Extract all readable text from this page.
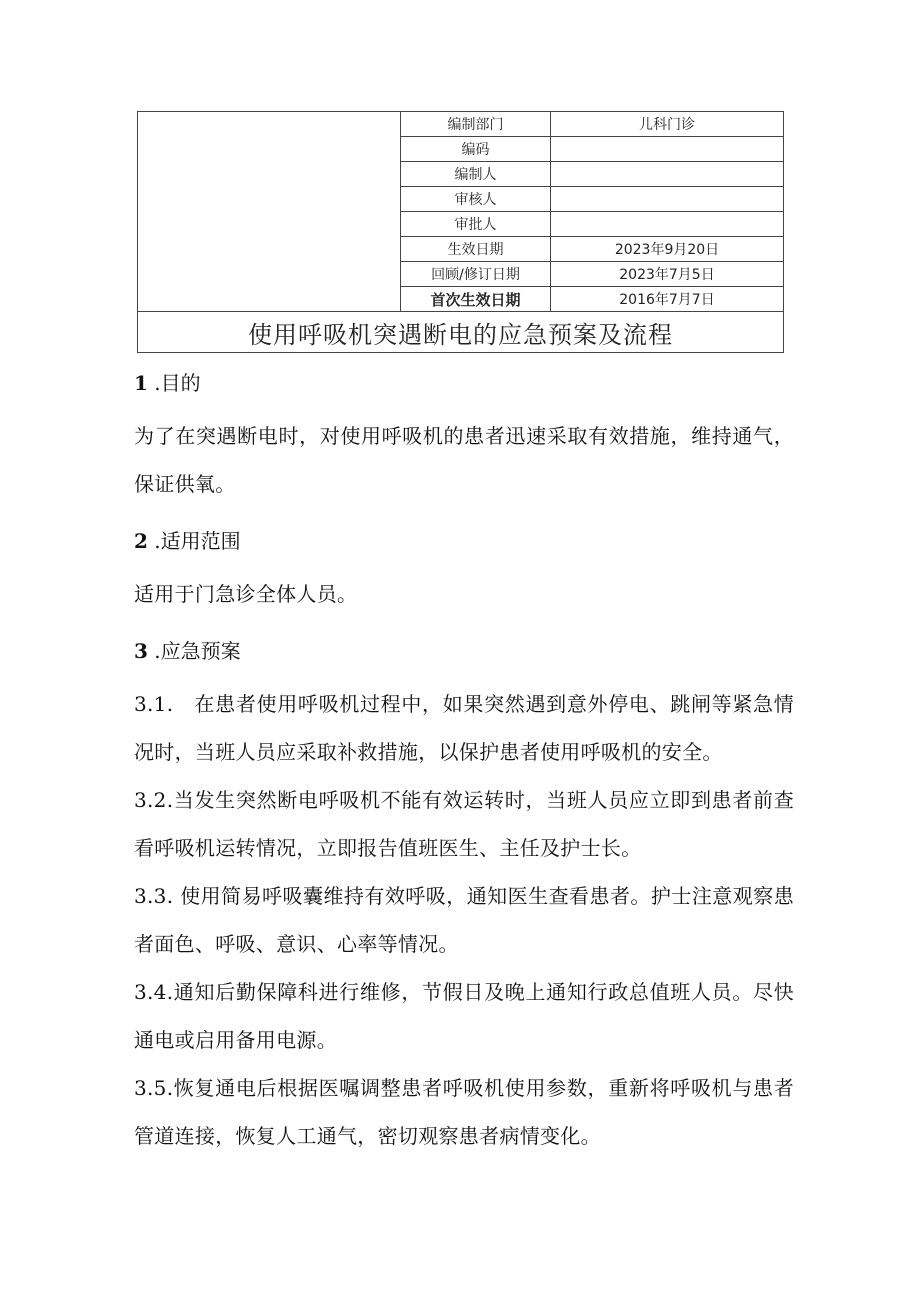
	编制部门	儿科门诊
	编码	
	编制人	
	审核人	
	审批人	
	生效日期	2023年9月20日
	回顾/修订日期	2023年7月5日
	首次生效日期	2016年7月7日
使用呼吸机突遇断电的应急预案及流程		

1 .目的

为了在突遇断电时，对使用呼吸机的患者迅速采取有效措施，维持通气，保证供氧。

2 .适用范围

适用于门急诊全体人员。

3 .应急预案

3.1.　在患者使用呼吸机过程中，如果突然遇到意外停电、跳闸等紧急情况时，当班人员应采取补救措施，以保护患者使用呼吸机的安全。

3.2.当发生突然断电呼吸机不能有效运转时，当班人员应立即到患者前查看呼吸机运转情况，立即报告值班医生、主任及护士长。

3.3. 使用简易呼吸囊维持有效呼吸，通知医生查看患者。护士注意观察患者面色、呼吸、意识、心率等情况。

3.4.通知后勤保障科进行维修，节假日及晚上通知行政总值班人员。尽快通电或启用备用电源。

3.5.恢复通电后根据医嘱调整患者呼吸机使用参数，重新将呼吸机与患者管道连接，恢复人工通气，密切观察患者病情变化。
